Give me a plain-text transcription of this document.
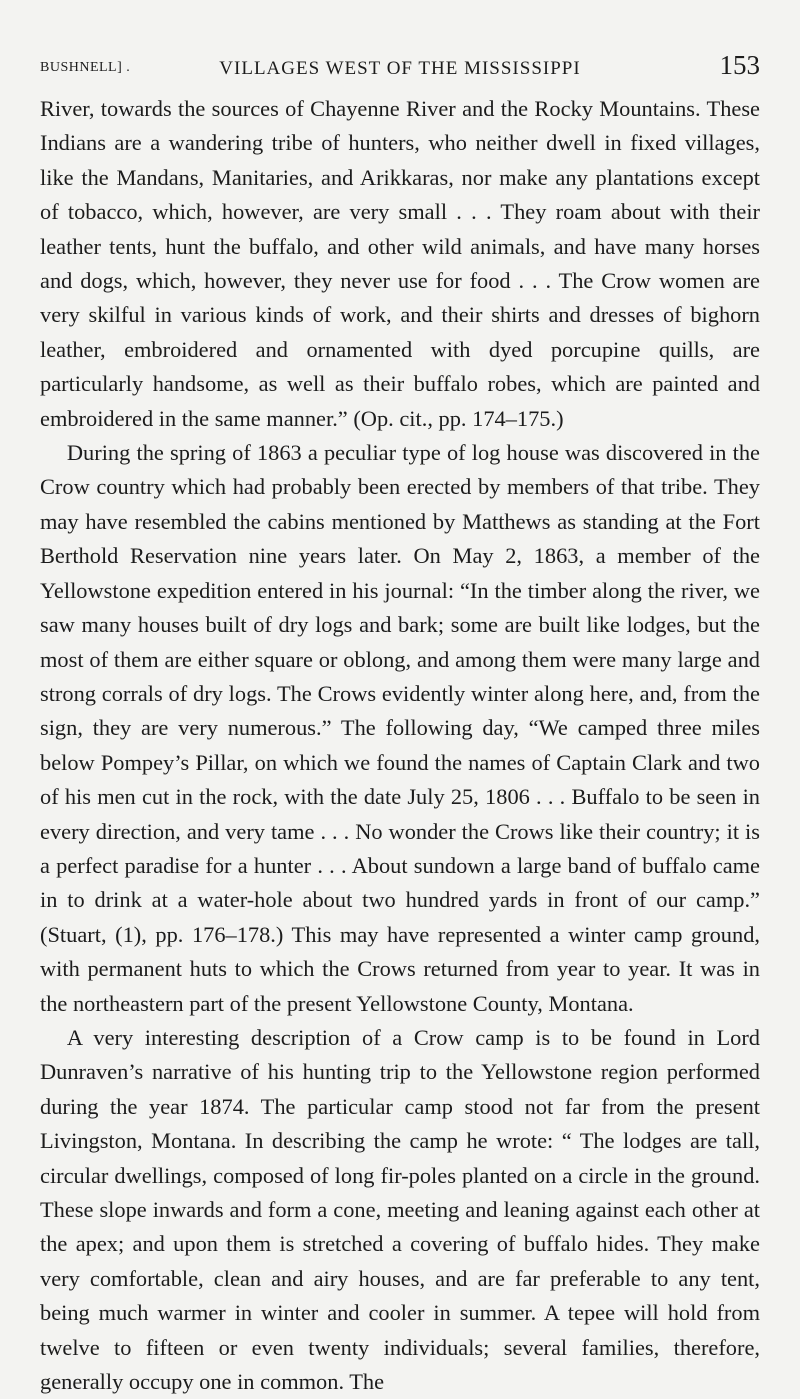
BUSHNELL] .	VILLAGES WEST OF THE MISSISSIPPI	153

River, towards the sources of Chayenne River and the Rocky Mountains. These Indians are a wandering tribe of hunters, who neither dwell in fixed villages, like the Mandans, Manitaries, and Arikkaras, nor make any plantations except of tobacco, which, however, are very small . . . They roam about with their leather tents, hunt the buffalo, and other wild animals, and have many horses and dogs, which, however, they never use for food . . . The Crow women are very skilful in various kinds of work, and their shirts and dresses of bighorn leather, embroidered and ornamented with dyed porcupine quills, are particularly handsome, as well as their buffalo robes, which are painted and embroidered in the same manner.” (Op. cit., pp. 174–175.)

During the spring of 1863 a peculiar type of log house was discovered in the Crow country which had probably been erected by members of that tribe. They may have resembled the cabins mentioned by Matthews as standing at the Fort Berthold Reservation nine years later. On May 2, 1863, a member of the Yellowstone expedition entered in his journal: “In the timber along the river, we saw many houses built of dry logs and bark; some are built like lodges, but the most of them are either square or oblong, and among them were many large and strong corrals of dry logs. The Crows evidently winter along here, and, from the sign, they are very numerous.” The following day, “We camped three miles below Pompey’s Pillar, on which we found the names of Captain Clark and two of his men cut in the rock, with the date July 25, 1806 . . . Buffalo to be seen in every direction, and very tame . . . No wonder the Crows like their country; it is a perfect paradise for a hunter . . . About sundown a large band of buffalo came in to drink at a water-hole about two hundred yards in front of our camp.” (Stuart, (1), pp. 176–178.) This may have represented a winter camp ground, with permanent huts to which the Crows returned from year to year. It was in the northeastern part of the present Yellowstone County, Montana.

A very interesting description of a Crow camp is to be found in Lord Dunraven’s narrative of his hunting trip to the Yellowstone region performed during the year 1874. The particular camp stood not far from the present Livingston, Montana. In describing the camp he wrote: “ The lodges are tall, circular dwellings, composed of long fir-poles planted on a circle in the ground. These slope inwards and form a cone, meeting and leaning against each other at the apex; and upon them is stretched a covering of buffalo hides. They make very comfortable, clean and airy houses, and are far preferable to any tent, being much warmer in winter and cooler in summer. A tepee will hold from twelve to fifteen or even twenty individuals; several families, therefore, generally occupy one in common. The
